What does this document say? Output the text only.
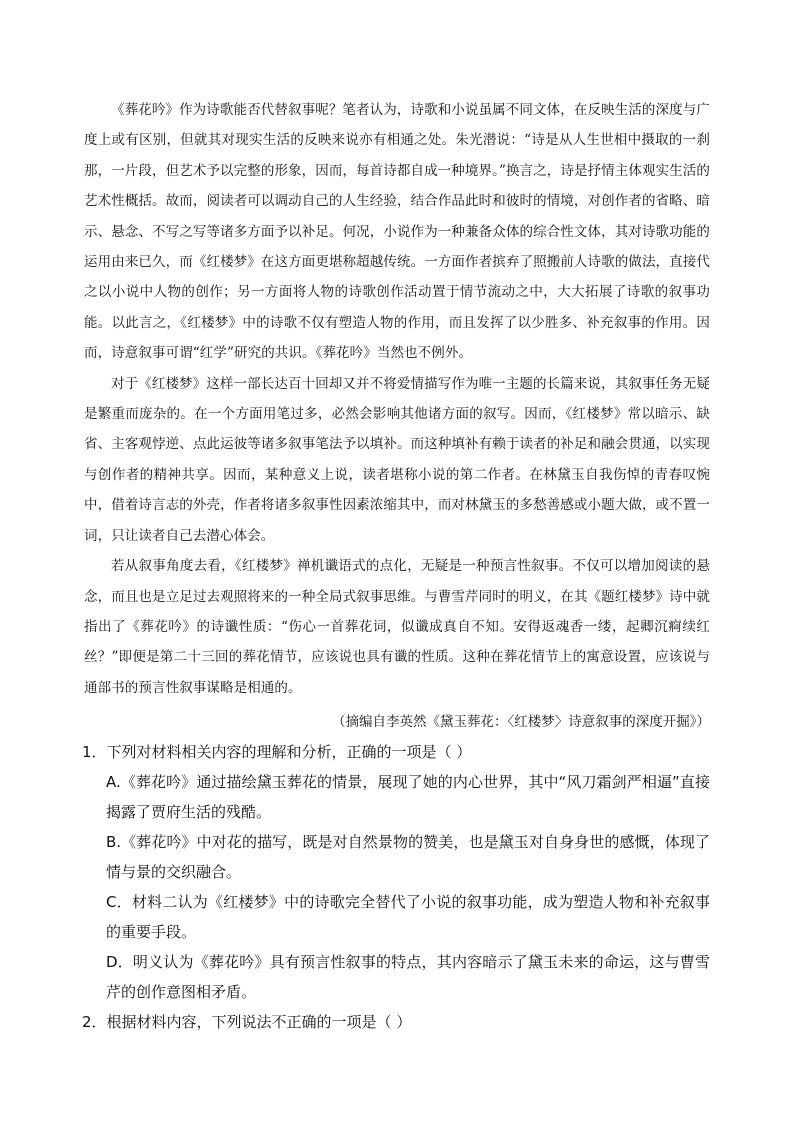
《葬花吟》作为诗歌能否代替叙事呢？笔者认为，诗歌和小说虽属不同文体，在反映生活的深度与广度上或有区别，但就其对现实生活的反映来说亦有相通之处。朱光潜说：“诗是从人生世相中摄取的一刹那，一片段，但艺术予以完整的形象，因而，每首诗都自成一种境界。”换言之，诗是抒情主体观实生活的艺术性概括。故而，阅读者可以调动自己的人生经验，结合作品此时和彼时的情境，对创作者的省略、暗示、悬念、不写之写等诸多方面予以补足。何况，小说作为一种兼备众体的综合性文体，其对诗歌功能的运用由来已久，而《红楼梦》在这方面更堪称超越传统。一方面作者摈弃了照搬前人诗歌的做法，直接代之以小说中人物的创作；另一方面将人物的诗歌创作活动置于情节流动之中，大大拓展了诗歌的叙事功能。以此言之，《红楼梦》中的诗歌不仅有塑造人物的作用，而且发挥了以少胜多、补充叙事的作用。因而，诗意叙事可谓“红学”研究的共识。《葬花吟》当然也不例外。

对于《红楼梦》这样一部长达百十回却又并不将爱情描写作为唯一主题的长篇来说，其叙事任务无疑是繁重而庞杂的。在一个方面用笔过多，必然会影响其他诸方面的叙写。因而，《红楼梦》常以暗示、缺省、主客观悖逆、点此运彼等诸多叙事笔法予以填补。而这种填补有赖于读者的补足和融会贯通，以实现与创作者的精神共享。因而，某种意义上说，读者堪称小说的第二作者。在林黛玉自我伤悼的青春叹惋中，借着诗言志的外壳，作者将诸多叙事性因素浓缩其中，而对林黛玉的多愁善感或小题大做，或不置一词，只让读者自己去潜心体会。

若从叙事角度去看，《红楼梦》禅机谶语式的点化，无疑是一种预言性叙事。不仅可以增加阅读的悬念，而且也是立足过去观照将来的一种全局式叙事思维。与曹雪芹同时的明义，在其《题红楼梦》诗中就指出了《葬花吟》的诗谶性质：“伤心一首葬花词，似谶成真自不知。安得返魂香一缕，起卿沉痾续红丝？”即便是第二十三回的葬花情节，应该说也具有谶的性质。这种在葬花情节上的寓意设置，应该说与通部书的预言性叙事谋略是相通的。

（摘编自李英然《黛玉葬花：〈红楼梦〉诗意叙事的深度开掘》）
1．下列对材料相关内容的理解和分析，正确的一项是（ ）

A.《葬花吟》通过描绘黛玉葬花的情景，展现了她的内心世界，其中“风刀霜剑严相逼”直接揭露了贾府生活的残酷。

B.《葬花吟》中对花的描写，既是对自然景物的赞美，也是黛玉对自身身世的感慨，体现了情与景的交织融合。

C．材料二认为《红楼梦》中的诗歌完全替代了小说的叙事功能，成为塑造人物和补充叙事的重要手段。

D．明义认为《葬花吟》具有预言性叙事的特点，其内容暗示了黛玉未来的命运，这与曹雪芹的创作意图相矛盾。

2．根据材料内容，下列说法不正确的一项是（ ）
